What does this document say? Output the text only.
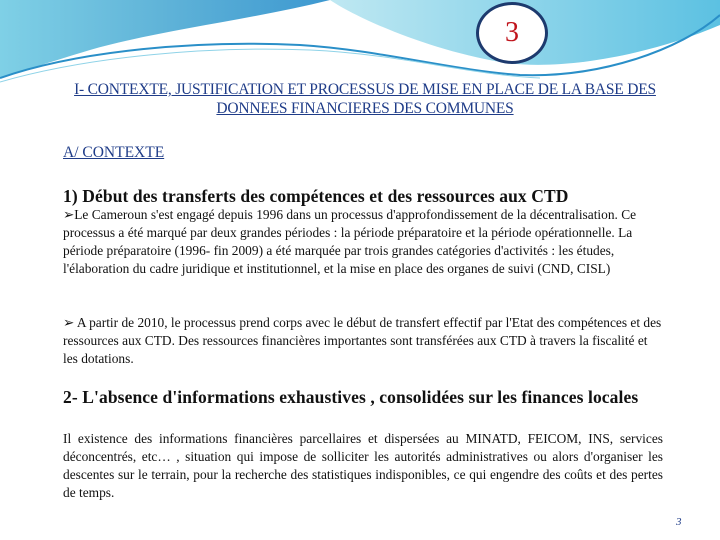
3
I- CONTEXTE, JUSTIFICATION ET PROCESSUS DE MISE EN PLACE DE LA BASE DES DONNEES FINANCIERES DES COMMUNES
A/ CONTEXTE
1) Début des transferts des compétences et des ressources aux CTD
➢Le Cameroun s'est engagé depuis 1996 dans un processus d'approfondissement de la décentralisation. Ce processus a été marqué par deux grandes périodes : la période préparatoire et la période opérationnelle. La période préparatoire (1996- fin 2009) a été marquée par trois grandes catégories d'activités : les études, l'élaboration du cadre juridique et institutionnel, et la mise en place des organes de suivi (CND, CISL)
➢ A partir de 2010, le processus prend corps avec le début de transfert effectif par l'Etat des compétences et des ressources aux CTD. Des ressources financières importantes sont transférées aux CTD à travers la fiscalité et les dotations.
2- L'absence d'informations exhaustives , consolidées sur les finances locales
Il existence des informations financières parcellaires et dispersées au MINATD, FEICOM, INS, services déconcentrés, etc… , situation qui impose de solliciter les autorités administratives ou alors d'organiser les descentes sur le terrain, pour la recherche des statistiques indisponibles, ce qui engendre des coûts et des pertes de temps.
3
